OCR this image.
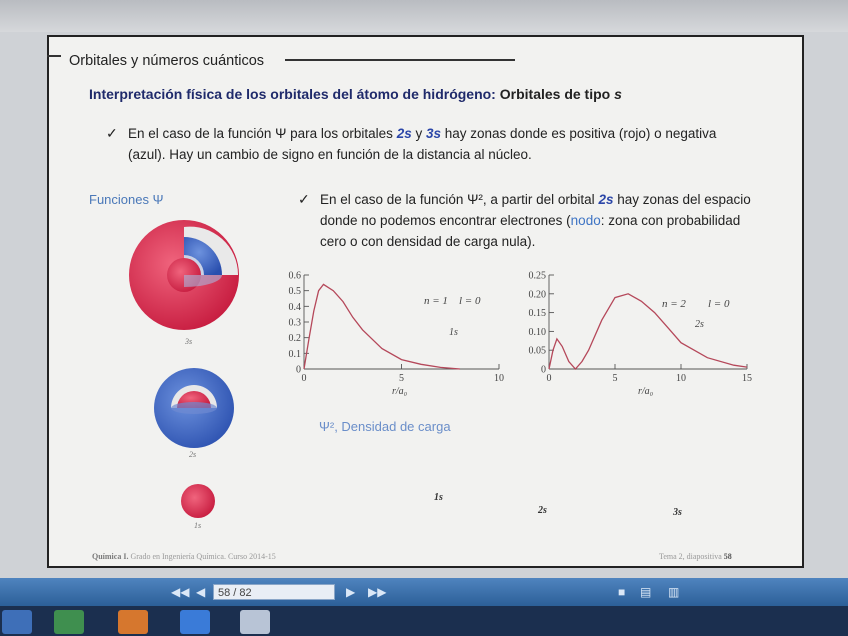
Orbitales y números cuánticos
Interpretación física de los orbitales del átomo de hidrógeno: Orbitales de tipo s
✓ En el caso de la función Ψ para los orbitales 2s y 3s hay zonas donde es positiva (rojo) o negativa (azul). Hay un cambio de signo en función de la distancia al núcleo.
Funciones Ψ	✓ En el caso de la función Ψ², a partir del orbital 2s hay zonas del espacio donde no podemos encontrar electrones (nodo: zona con probabilidad cero o con densidad de carga nula).
3s
2s
1s
0
0.1
0.2
0.3
0.4
0.5
0.6
0	5	10
n = 1 l = 0
1s
r/a₀
0
0.05
0.10
0.15
0.20
0.25
0	5	10	15
n = 2 l = 0
2s
r/a₀
Ψ², Densidad de carga
1s
2s	3s
Química I. Grado en Ingeniería Química. Curso 2014-15	Tema 2, diapositiva 58
◀◀ ◀	▶ ▶▶	■ ▤ ▥
58 / 82
